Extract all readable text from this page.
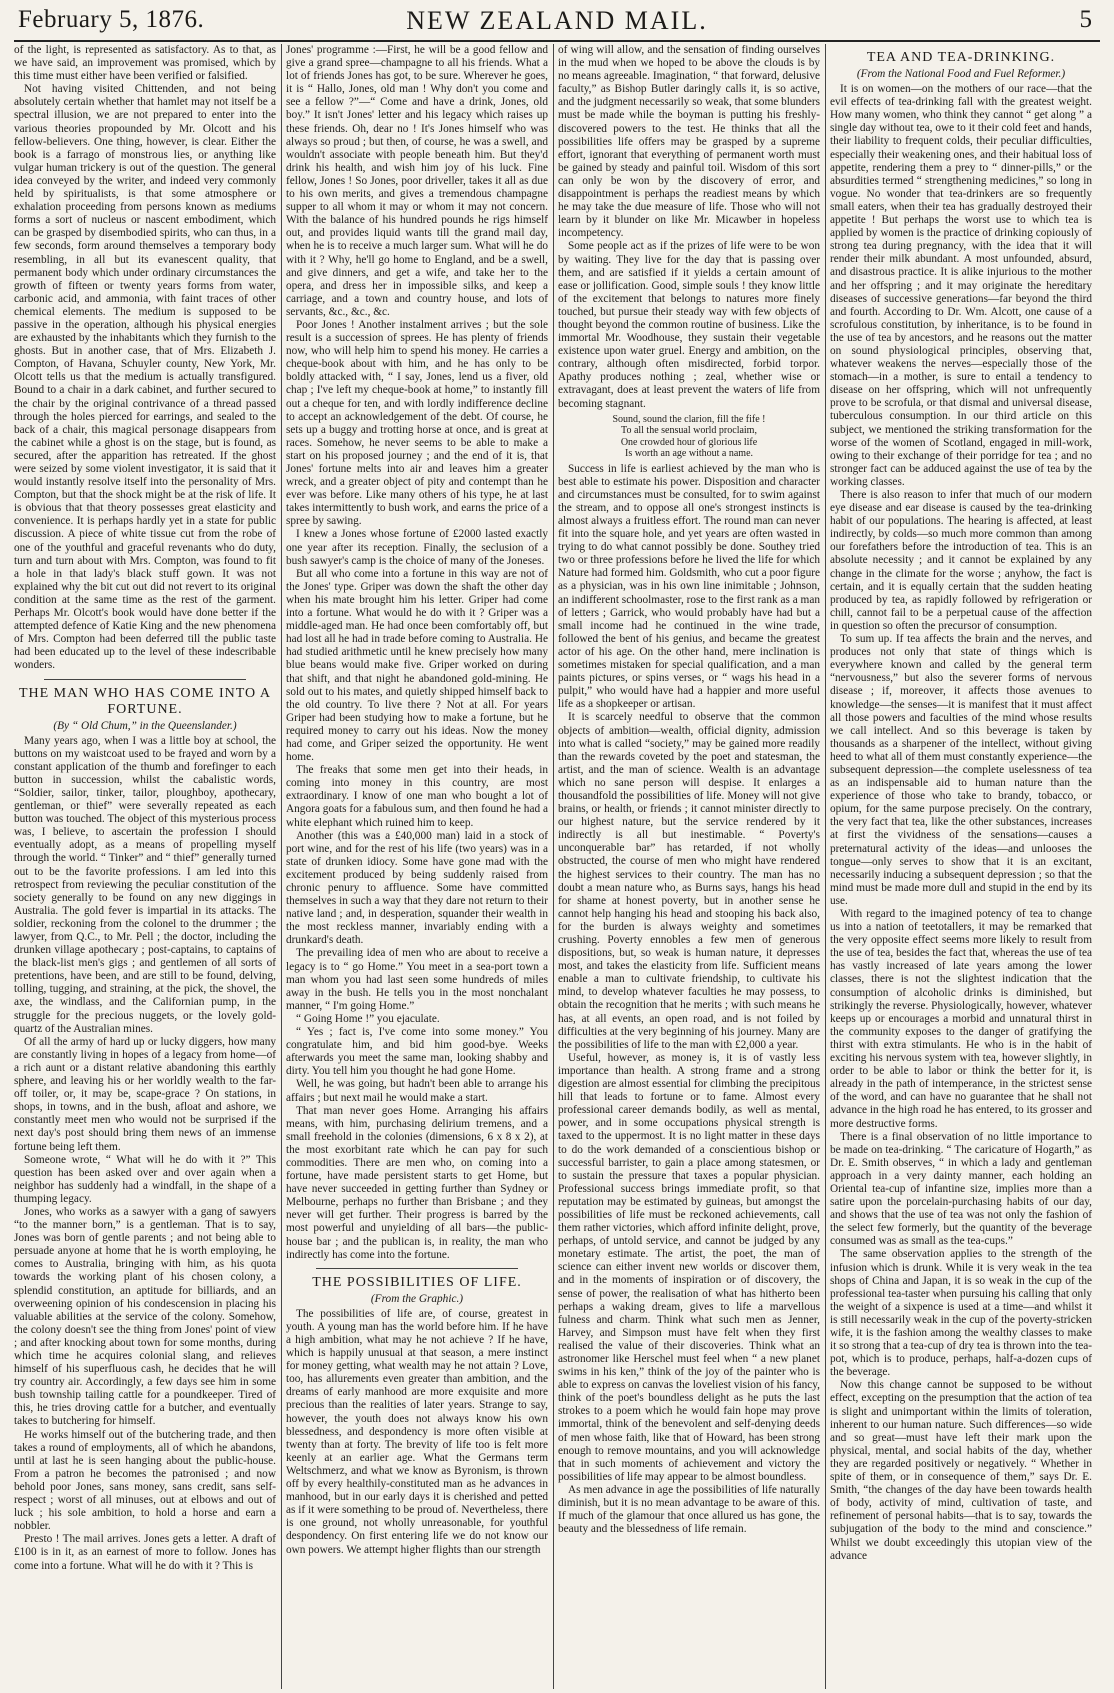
February 5, 1876.	NEW ZEALAND MAIL.	5

of the light, is represented as satisfactory. As to that, as we have said, an improvement was promised, which by this time must either have been verified or falsified.

Not having visited Chittenden, and not being absolutely certain whether that hamlet may not itself be a spectral illusion, we are not prepared to enter into the various theories propounded by Mr. Olcott and his fellow-believers. One thing, however, is clear. Either the book is a farrago of monstrous lies, or anything like vulgar human trickery is out of the question. The general idea conveyed by the writer, and indeed very commonly held by spiritualists, is that some atmosphere or exhalation proceeding from persons known as mediums forms a sort of nucleus or nascent embodiment, which can be grasped by disembodied spirits, who can thus, in a few seconds, form around themselves a temporary body resembling, in all but its evanescent quality, that permanent body which under ordinary circumstances the growth of fifteen or twenty years forms from water, carbonic acid, and ammonia, with faint traces of other chemical elements. The medium is supposed to be passive in the operation, although his physical energies are exhausted by the inhabitants which they furnish to the ghosts. But in another case, that of Mrs. Elizabeth J. Compton, of Havana, Schuyler county, New York, Mr. Olcott tells us that the medium is actually transfigured. Bound to a chair in a dark cabinet, and further secured to the chair by the original contrivance of a thread passed through the holes pierced for earrings, and sealed to the back of a chair, this magical personage disappears from the cabinet while a ghost is on the stage, but is found, as secured, after the apparition has retreated. If the ghost were seized by some violent investigator, it is said that it would instantly resolve itself into the personality of Mrs. Compton, but that the shock might be at the risk of life. It is obvious that that theory possesses great elasticity and convenience. It is perhaps hardly yet in a state for public discussion. A piece of white tissue cut from the robe of one of the youthful and graceful revenants who do duty, turn and turn about with Mrs. Compton, was found to fit a hole in that lady's black stuff gown. It was not explained why the bit cut out did not revert to its original condition at the same time as the rest of the garment. Perhaps Mr. Olcott's book would have done better if the attempted defence of Katie King and the new phenomena of Mrs. Compton had been deferred till the public taste had been educated up to the level of these indescribable wonders.

THE MAN WHO HAS COME INTO A FORTUNE.
(By “ Old Chum,” in the Queenslander.)

Many years ago, when I was a little boy at school, the buttons on my waistcoat used to be frayed and worn by a constant application of the thumb and forefinger to each button in succession, whilst the cabalistic words, “Soldier, sailor, tinker, tailor, ploughboy, apothecary, gentleman, or thief” were severally repeated as each button was touched. The object of this mysterious process was, I believe, to ascertain the profession I should eventually adopt, as a means of propelling myself through the world. “ Tinker” and “ thief” generally turned out to be the favorite professions. I am led into this retrospect from reviewing the peculiar constitution of the society generally to be found on any new diggings in Australia. The gold fever is impartial in its attacks. The soldier, reckoning from the colonel to the drummer ; the lawyer, from Q.C., to Mr. Pell ; the doctor, including the drunken village apothecary ; post-captains, to captains of the black-list men's gigs ; and gentlemen of all sorts of pretentions, have been, and are still to be found, delving, tolling, tugging, and straining, at the pick, the shovel, the axe, the windlass, and the Californian pump, in the struggle for the precious nuggets, or the lovely gold-quartz of the Australian mines.

Of all the army of hard up or lucky diggers, how many are constantly living in hopes of a legacy from home—of a rich aunt or a distant relative abandoning this earthly sphere, and leaving his or her worldly wealth to the far-off toiler, or, it may be, scape-grace ? On stations, in shops, in towns, and in the bush, afloat and ashore, we constantly meet men who would not be surprised if the next day's post should bring them news of an immense fortune being left them.

Someone wrote, “ What will he do with it ?” This question has been asked over and over again when a neighbor has suddenly had a windfall, in the shape of a thumping legacy.

Jones, who works as a sawyer with a gang of sawyers “to the manner born,” is a gentleman. That is to say, Jones was born of gentle parents ; and not being able to persuade anyone at home that he is worth employing, he comes to Australia, bringing with him, as his quota towards the working plant of his chosen colony, a splendid constitution, an aptitude for billiards, and an overweening opinion of his condescension in placing his valuable abilities at the service of the colony. Somehow, the colony doesn't see the thing from Jones' point of view ; and after knocking about town for some months, during which time he acquires colonial slang, and relieves himself of his superfluous cash, he decides that he will try country air. Accordingly, a few days see him in some bush township tailing cattle for a poundkeeper. Tired of this, he tries droving cattle for a butcher, and eventually takes to butchering for himself.

He works himself out of the butchering trade, and then takes a round of employments, all of which he abandons, until at last he is seen hanging about the public-house. From a patron he becomes the patronised ; and now behold poor Jones, sans money, sans credit, sans self-respect ; worst of all minuses, out at elbows and out of luck ; his sole ambition, to hold a horse and earn a nobbler.

Presto ! The mail arrives. Jones gets a letter. A draft of £100 is in it, as an earnest of more to follow. Jones has come into a fortune. What will he do with it ? This is

Jones' programme :—First, he will be a good fellow and give a grand spree—champagne to all his friends. What a lot of friends Jones has got, to be sure. Wherever he goes, it is “ Hallo, Jones, old man ! Why don't you come and see a fellow ?”—“ Come and have a drink, Jones, old boy.” It isn't Jones' letter and his legacy which raises up these friends. Oh, dear no ! It's Jones himself who was always so proud ; but then, of course, he was a swell, and wouldn't associate with people beneath him. But they'd drink his health, and wish him joy of his luck. Fine fellow, Jones ! So Jones, poor driveller, takes it all as due to his own merits, and gives a tremendous champagne supper to all whom it may or whom it may not concern. With the balance of his hundred pounds he rigs himself out, and provides liquid wants till the grand mail day, when he is to receive a much larger sum. What will he do with it ? Why, he'll go home to England, and be a swell, and give dinners, and get a wife, and take her to the opera, and dress her in impossible silks, and keep a carriage, and a town and country house, and lots of servants, &c., &c., &c.

Poor Jones ! Another instalment arrives ; but the sole result is a succession of sprees. He has plenty of friends now, who will help him to spend his money. He carries a cheque-book about with him, and he has only to be boldly attacked with, “ I say, Jones, lend us a fiver, old chap ; I've left my cheque-book at home,” to instantly fill out a cheque for ten, and with lordly indifference decline to accept an acknowledgement of the debt. Of course, he sets up a buggy and trotting horse at once, and is great at races. Somehow, he never seems to be able to make a start on his proposed journey ; and the end of it is, that Jones' fortune melts into air and leaves him a greater wreck, and a greater object of pity and contempt than he ever was before. Like many others of his type, he at last takes intermittently to bush work, and earns the price of a spree by sawing.

I knew a Jones whose fortune of £2000 lasted exactly one year after its reception. Finally, the seclusion of a bush sawyer's camp is the choice of many of the Joneses.

But all who come into a fortune in this way are not of the Jones' type. Griper was down the shaft the other day when his mate brought him his letter. Griper had come into a fortune. What would he do with it ? Griper was a middle-aged man. He had once been comfortably off, but had lost all he had in trade before coming to Australia. He had studied arithmetic until he knew precisely how many blue beans would make five. Griper worked on during that shift, and that night he abandoned gold-mining. He sold out to his mates, and quietly shipped himself back to the old country. To live there ? Not at all. For years Griper had been studying how to make a fortune, but he required money to carry out his ideas. Now the money had come, and Griper seized the opportunity. He went home.

The freaks that some men get into their heads, in coming into money in this country, are most extraordinary. I know of one man who bought a lot of Angora goats for a fabulous sum, and then found he had a white elephant which ruined him to keep.

Another (this was a £40,000 man) laid in a stock of port wine, and for the rest of his life (two years) was in a state of drunken idiocy. Some have gone mad with the excitement produced by being suddenly raised from chronic penury to affluence. Some have committed themselves in such a way that they dare not return to their native land ; and, in desperation, squander their wealth in the most reckless manner, invariably ending with a drunkard's death.

The prevailing idea of men who are about to receive a legacy is to “ go Home.” You meet in a sea-port town a man whom you had last seen some hundreds of miles away in the bush. He tells you in the most nonchalant manner, “ I'm going Home.”

“ Going Home !” you ejaculate.

“ Yes ; fact is, I've come into some money.” You congratulate him, and bid him good-bye. Weeks afterwards you meet the same man, looking shabby and dirty. You tell him you thought he had gone Home.

Well, he was going, but hadn't been able to arrange his affairs ; but next mail he would make a start.

That man never goes Home. Arranging his affairs means, with him, purchasing delirium tremens, and a small freehold in the colonies (dimensions, 6 x 8 x 2), at the most exorbitant rate which he can pay for such commodities. There are men who, on coming into a fortune, have made persistent starts to get Home, but have never succeeded in getting further than Sydney or Melbourne, perhaps no further than Brisbane ; and they never will get further. Their progress is barred by the most powerful and unyielding of all bars—the public-house bar ; and the publican is, in reality, the man who indirectly has come into the fortune.

THE POSSIBILITIES OF LIFE.
(From the Graphic.)

The possibilities of life are, of course, greatest in youth. A young man has the world before him. If he have a high ambition, what may he not achieve ? If he have, which is happily unusual at that season, a mere instinct for money getting, what wealth may he not attain ? Love, too, has allurements even greater than ambition, and the dreams of early manhood are more exquisite and more precious than the realities of later years. Strange to say, however, the youth does not always know his own blessedness, and despondency is more often visible at twenty than at forty. The brevity of life too is felt more keenly at an earlier age. What the Germans term Weltschmerz, and what we know as Byronism, is thrown off by every healthily-constituted man as he advances in manhood, but in our early days it is cherished and petted as if it were something to be proud of. Nevertheless, there is one ground, not wholly unreasonable, for youthful despondency. On first entering life we do not know our own powers. We attempt higher flights than our strength

of wing will allow, and the sensation of finding ourselves in the mud when we hoped to be above the clouds is by no means agreeable. Imagination, “ that forward, delusive faculty,” as Bishop Butler daringly calls it, is so active, and the judgment necessarily so weak, that some blunders must be made while the boyman is putting his freshly-discovered powers to the test. He thinks that all the possibilities life offers may be grasped by a supreme effort, ignorant that everything of permanent worth must be gained by steady and painful toil. Wisdom of this sort can only be won by the discovery of error, and disappointment is perhaps the readiest means by which he may take the due measure of life. Those who will not learn by it blunder on like Mr. Micawber in hopeless incompetency.

Some people act as if the prizes of life were to be won by waiting. They live for the day that is passing over them, and are satisfied if it yields a certain amount of ease or jollification. Good, simple souls ! they know little of the excitement that belongs to natures more finely touched, but pursue their steady way with few objects of thought beyond the common routine of business. Like the immortal Mr. Woodhouse, they sustain their vegetable existence upon water gruel. Energy and ambition, on the contrary, although often misdirected, forbid torpor. Apathy produces nothing ; zeal, whether wise or extravagant, does at least prevent the waters of life from becoming stagnant.

Sound, sound the clarion, fill the fife !
To all the sensual world proclaim,
One crowded hour of glorious life
Is worth an age without a name.

Success in life is earliest achieved by the man who is best able to estimate his power. Disposition and character and circumstances must be consulted, for to swim against the stream, and to oppose all one's strongest instincts is almost always a fruitless effort. The round man can never fit into the square hole, and yet years are often wasted in trying to do what cannot possibly be done. Southey tried two or three professions before he lived the life for which Nature had formed him. Goldsmith, who cut a poor figure as a physician, was in his own line inimitable ; Johnson, an indifferent schoolmaster, rose to the first rank as a man of letters ; Garrick, who would probably have had but a small income had he continued in the wine trade, followed the bent of his genius, and became the greatest actor of his age. On the other hand, mere inclination is sometimes mistaken for special qualification, and a man paints pictures, or spins verses, or “ wags his head in a pulpit,” who would have had a happier and more useful life as a shopkeeper or artisan.

It is scarcely needful to observe that the common objects of ambition—wealth, official dignity, admission into what is called “society,” may be gained more readily than the rewards coveted by the poet and statesman, the artist, and the man of science. Wealth is an advantage which no sane person will despise. It enlarges a thousandfold the possibilities of life. Money will not give brains, or health, or friends ; it cannot minister directly to our highest nature, but the service rendered by it indirectly is all but inestimable. “ Poverty's unconquerable bar” has retarded, if not wholly obstructed, the course of men who might have rendered the highest services to their country. The man has no doubt a mean nature who, as Burns says, hangs his head for shame at honest poverty, but in another sense he cannot help hanging his head and stooping his back also, for the burden is always weighty and sometimes crushing. Poverty ennobles a few men of generous dispositions, but, so weak is human nature, it depresses most, and takes the elasticity from life. Sufficient means enable a man to cultivate friendship, to cultivate his mind, to develop whatever faculties he may possess, to obtain the recognition that he merits ; with such means he has, at all events, an open road, and is not foiled by difficulties at the very beginning of his journey. Many are the possibilities of life to the man with £2,000 a year.

Useful, however, as money is, it is of vastly less importance than health. A strong frame and a strong digestion are almost essential for climbing the precipitous hill that leads to fortune or to fame. Almost every professional career demands bodily, as well as mental, power, and in some occupations physical strength is taxed to the uppermost. It is no light matter in these days to do the work demanded of a conscientious bishop or successful barrister, to gain a place among statesmen, or to sustain the pressure that taxes a popular physician. Professional success brings immediate profit, so that reputation may be estimated by guineas, but amongst the possibilities of life must be reckoned achievements, call them rather victories, which afford infinite delight, prove, perhaps, of untold service, and cannot be judged by any monetary estimate. The artist, the poet, the man of science can either invent new worlds or discover them, and in the moments of inspiration or of discovery, the sense of power, the realisation of what has hitherto been perhaps a waking dream, gives to life a marvellous fulness and charm. Think what such men as Jenner, Harvey, and Simpson must have felt when they first realised the value of their discoveries. Think what an astronomer like Herschel must feel when “ a new planet swims in his ken,” think of the joy of the painter who is able to express on canvas the loveliest vision of his fancy, think of the poet's boundless delight as he puts the last strokes to a poem which he would fain hope may prove immortal, think of the benevolent and self-denying deeds of men whose faith, like that of Howard, has been strong enough to remove mountains, and you will acknowledge that in such moments of achievement and victory the possibilities of life may appear to be almost boundless.

As men advance in age the possibilities of life naturally diminish, but it is no mean advantage to be aware of this. If much of the glamour that once allured us has gone, the beauty and the blessedness of life remain.

TEA AND TEA-DRINKING.
(From the National Food and Fuel Reformer.)

It is on women—on the mothers of our race—that the evil effects of tea-drinking fall with the greatest weight. How many women, who think they cannot “ get along ” a single day without tea, owe to it their cold feet and hands, their liability to frequent colds, their peculiar difficulties, especially their weakening ones, and their habitual loss of appetite, rendering them a prey to “ dinner-pills,” or the absurdities termed “ strengthening medicines,” so long in vogue. No wonder that tea-drinkers are so frequently small eaters, when their tea has gradually destroyed their appetite ! But perhaps the worst use to which tea is applied by women is the practice of drinking copiously of strong tea during pregnancy, with the idea that it will render their milk abundant. A most unfounded, absurd, and disastrous practice. It is alike injurious to the mother and her offspring ; and it may originate the hereditary diseases of successive generations—far beyond the third and fourth. According to Dr. Wm. Alcott, one cause of a scrofulous constitution, by inheritance, is to be found in the use of tea by ancestors, and he reasons out the matter on sound physiological principles, observing that, whatever weakens the nerves—especially those of the stomach—in a mother, is sure to entail a tendency to disease on her offspring, which will not unfrequently prove to be scrofula, or that dismal and universal disease, tuberculous consumption. In our third article on this subject, we mentioned the striking transformation for the worse of the women of Scotland, engaged in mill-work, owing to their exchange of their porridge for tea ; and no stronger fact can be adduced against the use of tea by the working classes.

There is also reason to infer that much of our modern eye disease and ear disease is caused by the tea-drinking habit of our populations. The hearing is affected, at least indirectly, by colds—so much more common than among our forefathers before the introduction of tea. This is an absolute necessity ; and it cannot be explained by any change in the climate for the worse ; anyhow, the fact is certain, and it is equally certain that the sudden heating produced by tea, as rapidly followed by refrigeration or chill, cannot fail to be a perpetual cause of the affection in question so often the precursor of consumption.

To sum up. If tea affects the brain and the nerves, and produces not only that state of things which is everywhere known and called by the general term “nervousness,” but also the severer forms of nervous disease ; if, moreover, it affects those avenues to knowledge—the senses—it is manifest that it must affect all those powers and faculties of the mind whose results we call intellect. And so this beverage is taken by thousands as a sharpener of the intellect, without giving heed to what all of them must constantly experience—the subsequent depression—the complete uselessness of tea as an indispensable aid to human nature than the experience of those who take to brandy, tobacco, or opium, for the same purpose precisely. On the contrary, the very fact that tea, like the other substances, increases at first the vividness of the sensations—causes a preternatural activity of the ideas—and unlooses the tongue—only serves to show that it is an excitant, necessarily inducing a subsequent depression ; so that the mind must be made more dull and stupid in the end by its use.

With regard to the imagined potency of tea to change us into a nation of teetotallers, it may be remarked that the very opposite effect seems more likely to result from the use of tea, besides the fact that, whereas the use of tea has vastly increased of late years among the lower classes, there is not the slightest indication that the consumption of alcoholic drinks is diminished, but strikingly the reverse. Physiologically, however, whatever keeps up or encourages a morbid and unnatural thirst in the community exposes to the danger of gratifying the thirst with extra stimulants. He who is in the habit of exciting his nervous system with tea, however slightly, in order to be able to labor or think the better for it, is already in the path of intemperance, in the strictest sense of the word, and can have no guarantee that he shall not advance in the high road he has entered, to its grosser and more destructive forms.

There is a final observation of no little importance to be made on tea-drinking. “ The caricature of Hogarth,” as Dr. E. Smith observes, “ in which a lady and gentleman approach in a very dainty manner, each holding an Oriental tea-cup of infantine size, implies more than a satire upon the porcelain-purchasing habits of our day, and shows that the use of tea was not only the fashion of the select few formerly, but the quantity of the beverage consumed was as small as the tea-cups.”

The same observation applies to the strength of the infusion which is drunk. While it is very weak in the tea shops of China and Japan, it is so weak in the cup of the professional tea-taster when pursuing his calling that only the weight of a sixpence is used at a time—and whilst it is still necessarily weak in the cup of the poverty-stricken wife, it is the fashion among the wealthy classes to make it so strong that a tea-cup of dry tea is thrown into the tea-pot, which is to produce, perhaps, half-a-dozen cups of the beverage.

Now this change cannot be supposed to be without effect, excepting on the presumption that the action of tea is slight and unimportant within the limits of toleration, inherent to our human nature. Such differences—so wide and so great—must have left their mark upon the physical, mental, and social habits of the day, whether they are regarded positively or negatively. “ Whether in spite of them, or in consequence of them,” says Dr. E. Smith, “the changes of the day have been towards health of body, activity of mind, cultivation of taste, and refinement of personal habits—that is to say, towards the subjugation of the body to the mind and conscience.” Whilst we doubt exceedingly this utopian view of the advance
